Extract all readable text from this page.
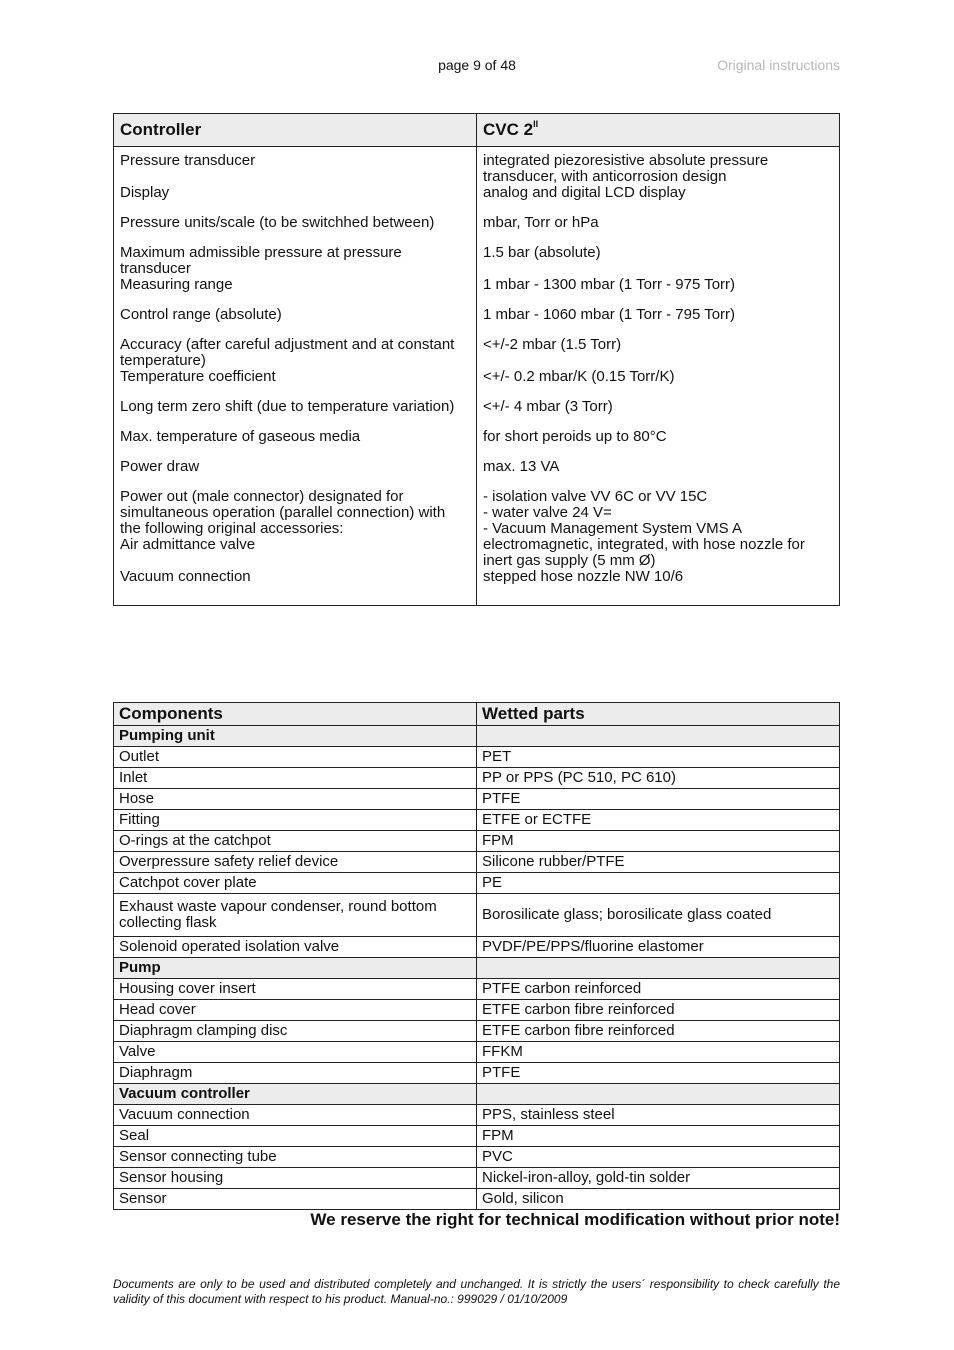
page 9 of 48	Original instructions
Controller	CVC $2^{II}$
Pressure transducer	integrated piezoresistive absolute pressure transducer, with anticorrosion design
Display	analog and digital LCD display
Pressure units/scale (to be switchhed between)	mbar, Torr or hPa
Maximum admissible pressure at pressure transducer	1.5 bar (absolute)
Measuring range	1 mbar - 1300 mbar (1 Torr - 975 Torr)
Control range (absolute)	1 mbar - 1060 mbar (1 Torr - 795 Torr)
Accuracy (after careful adjustment and at constant temperature)	<+/-2 mbar (1.5 Torr)
Temperature coefficient	<+/- 0.2 mbar/K (0.15 Torr/K)
Long term zero shift (due to temperature variation)	<+/- 4 mbar (3 Torr)
Max. temperature of gaseous media	for short peroids up to 80°C
Power draw	max. 13 VA
Power out (male connector) designated for simultaneous operation (parallel connection) with the following original accessories:	- isolation valve VV 6C or VV 15C
- water valve 24 V=
- Vacuum Management System VMS A
Air admittance valve	electromagnetic, integrated, with hose nozzle for inert gas supply (5 mm Ø)
Vacuum connection	stepped hose nozzle NW 10/6
Components	Wetted parts
Pumping unit	
Outlet	PET
Inlet	PP or PPS (PC 510, PC 610)
Hose	PTFE
Fitting	ETFE or ECTFE
O-rings at the catchpot	FPM
Overpressure safety relief device	Silicone rubber/PTFE
Catchpot cover plate	PE
Exhaust waste vapour condenser, round bottom collecting flask	Borosilicate glass; borosilicate glass coated
Solenoid operated isolation valve	PVDF/PE/PPS/fluorine elastomer
Pump	
Housing cover insert	PTFE carbon reinforced
Head cover	ETFE carbon fibre reinforced
Diaphragm clamping disc	ETFE carbon fibre reinforced
Valve	FFKM
Diaphragm	PTFE
Vacuum controller	
Vacuum connection	PPS, stainless steel
Seal	FPM
Sensor connecting tube	PVC
Sensor housing	Nickel-iron-alloy, gold-tin solder
Sensor	Gold, silicon
We reserve the right for technical modification without prior note!
Documents are only to be used and distributed completely and unchanged. It is strictly the users´ responsibility to check carefully the validity of this document with respect to his product. Manual-no.: 999029 / 01/10/2009
